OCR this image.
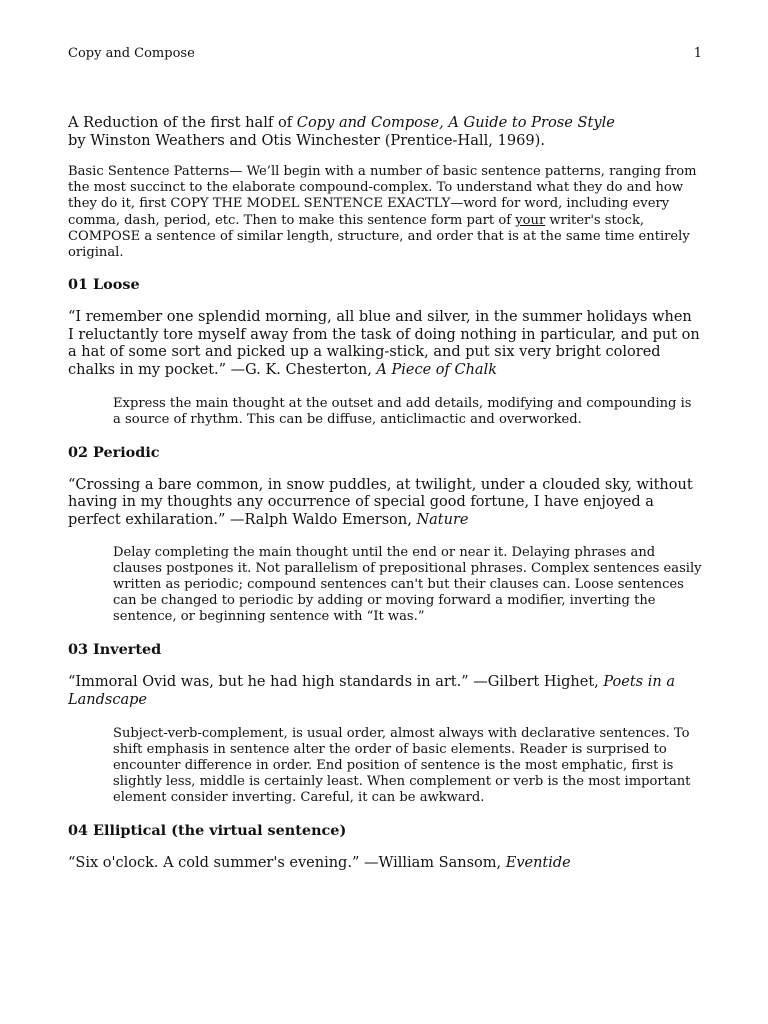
Copy and Compose	1

A Reduction of the first half of Copy and Compose, A Guide to Prose Style
by Winston Weathers and Otis Winchester (Prentice-Hall, 1969).

Basic Sentence Patterns— We’ll begin with a number of basic sentence patterns, ranging from the most succinct to the elaborate compound-complex. To understand what they do and how they do it, first COPY THE MODEL SENTENCE EXACTLY—word for word, including every comma, dash, period, etc. Then to make this sentence form part of your writer's stock, COMPOSE a sentence of similar length, structure, and order that is at the same time entirely original.

01 Loose

“I remember one splendid morning, all blue and silver, in the summer holidays when I reluctantly tore myself away from the task of doing nothing in particular, and put on a hat of some sort and picked up a walking-stick, and put six very bright colored chalks in my pocket.” —G. K. Chesterton, A Piece of Chalk

Express the main thought at the outset and add details, modifying and compounding is a source of rhythm. This can be diffuse, anticlimactic and overworked.

02 Periodic

“Crossing a bare common, in snow puddles, at twilight, under a clouded sky, without having in my thoughts any occurrence of special good fortune, I have enjoyed a perfect exhilaration.” —Ralph Waldo Emerson, Nature

Delay completing the main thought until the end or near it. Delaying phrases and clauses postpones it. Not parallelism of prepositional phrases. Complex sentences easily written as periodic; compound sentences can't but their clauses can. Loose sentences can be changed to periodic by adding or moving forward a modifier, inverting the sentence, or beginning sentence with “It was.”

03 Inverted

“Immoral Ovid was, but he had high standards in art.” —Gilbert Highet, Poets in a Landscape

Subject-verb-complement, is usual order, almost always with declarative sentences. To shift emphasis in sentence alter the order of basic elements. Reader is surprised to encounter difference in order. End position of sentence is the most emphatic, first is slightly less, middle is certainly least. When complement or verb is the most important element consider inverting. Careful, it can be awkward.

04 Elliptical (the virtual sentence)

“Six o'clock. A cold summer's evening.” —William Sansom, Eventide
